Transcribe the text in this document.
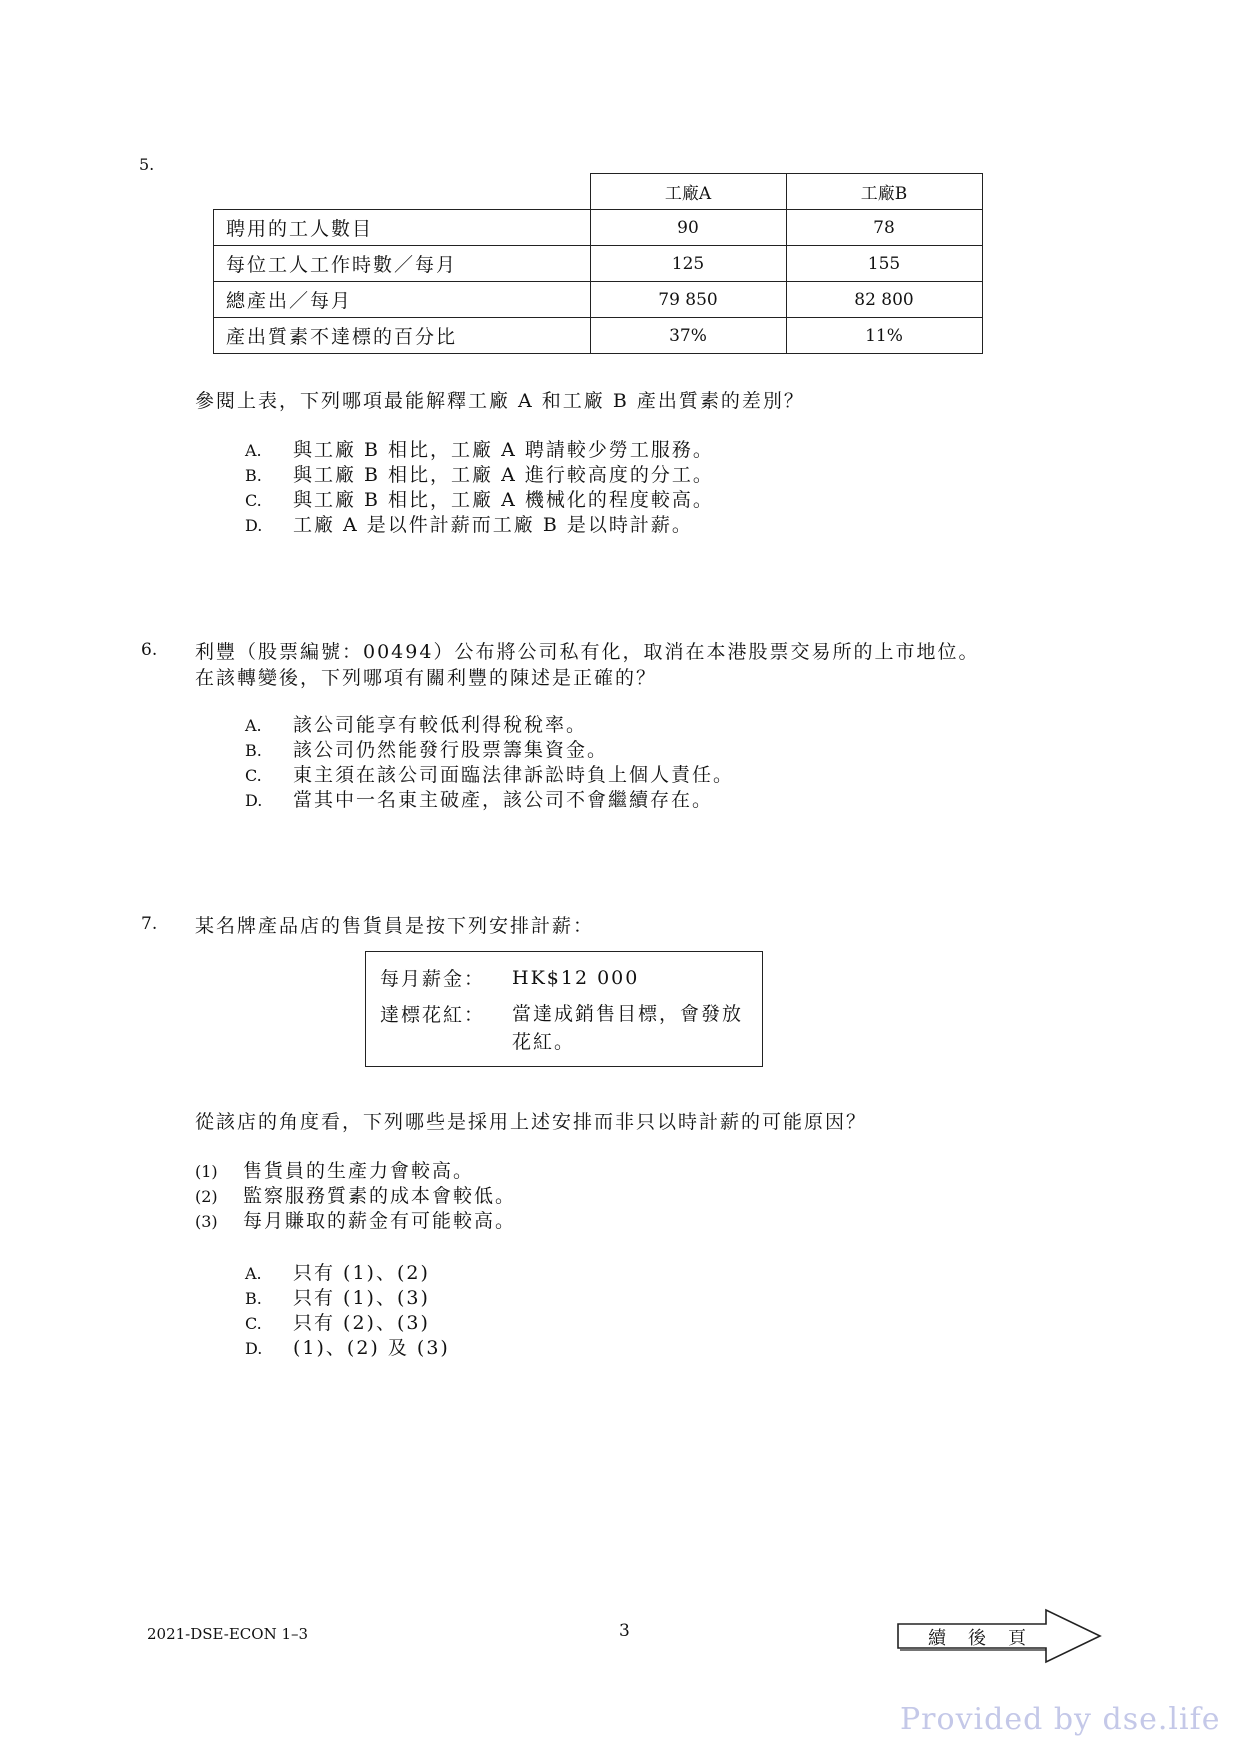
5.
	工廠A	工廠B
聘用的工人數目	90	78
每位工人工作時數／每月	125	155
總產出／每月	79 850	82 800
產出質素不達標的百分比	37%	11%
參閱上表，下列哪項最能解釋工廠 A 和工廠 B 產出質素的差別？
A.	與工廠 B 相比，工廠 A 聘請較少勞工服務。
B.	與工廠 B 相比，工廠 A 進行較高度的分工。
C.	與工廠 B 相比，工廠 A 機械化的程度較高。
D.	工廠 A 是以件計薪而工廠 B 是以時計薪。
6. 利豐（股票編號：00494）公布將公司私有化，取消在本港股票交易所的上市地位。
在該轉變後，下列哪項有關利豐的陳述是正確的？
A.	該公司能享有較低利得稅稅率。
B.	該公司仍然能發行股票籌集資金。
C.	東主須在該公司面臨法律訴訟時負上個人責任。
D.	當其中一名東主破產，該公司不會繼續存在。
7. 某名牌產品店的售貨員是按下列安排計薪：
每月薪金：	HK$12 000
達標花紅：	當達成銷售目標，會發放花紅。
從該店的角度看，下列哪些是採用上述安排而非只以時計薪的可能原因？
(1)	售貨員的生產力會較高。
(2)	監察服務質素的成本會較低。
(3)	每月賺取的薪金有可能較高。
A.	只有 (1)、(2)
B.	只有 (1)、(3)
C.	只有 (2)、(3)
D.	(1)、(2) 及 (3)
2021-DSE-ECON 1–3	3	續後頁
Provided by dse.life
